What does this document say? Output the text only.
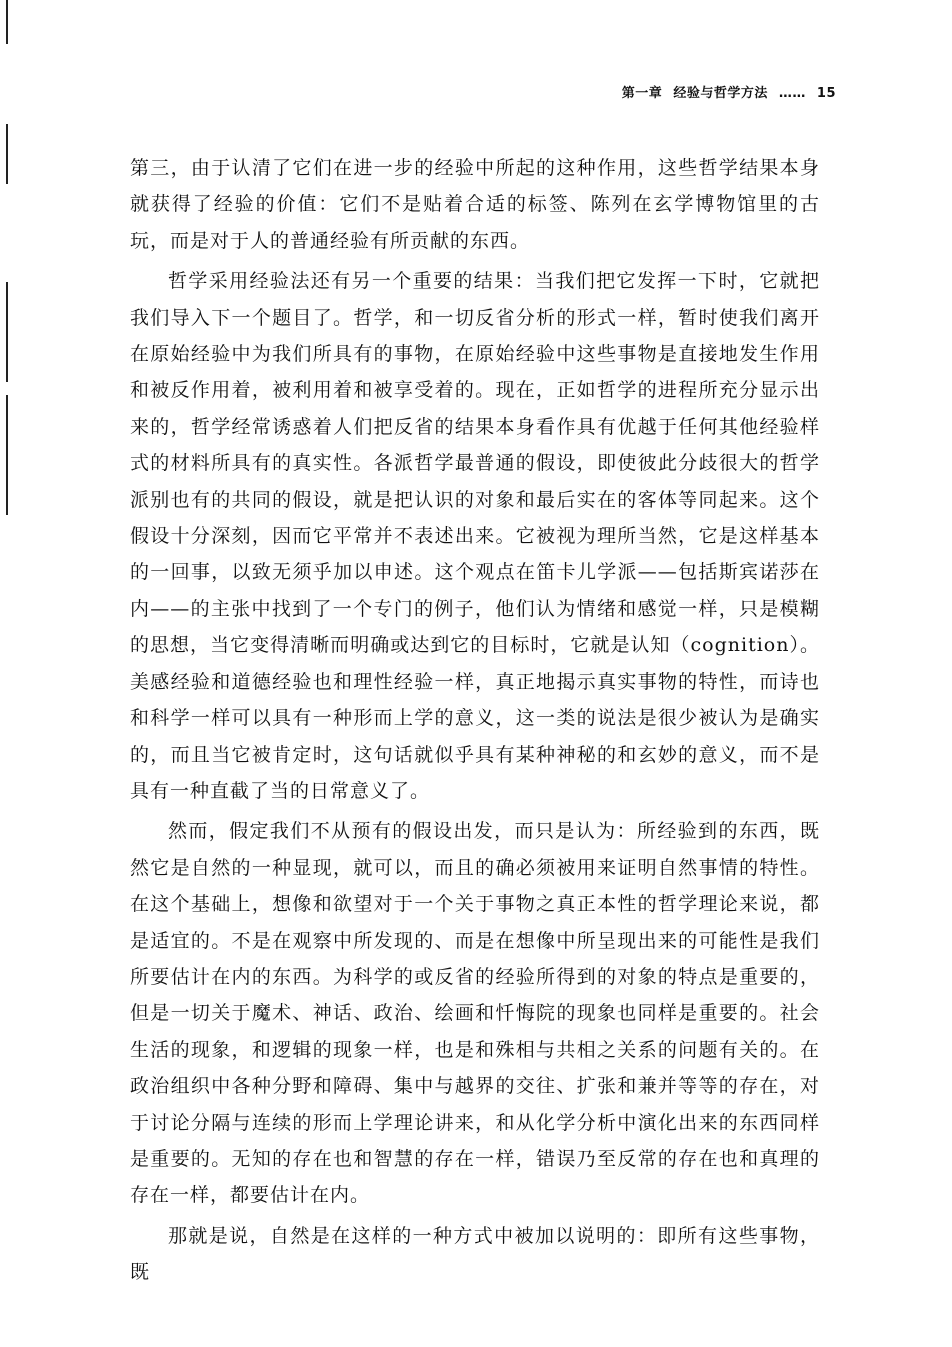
第一章 经验与哲学方法 …… 15

第三，由于认清了它们在进一步的经验中所起的这种作用，这些哲学结果本身就获得了经验的价值：它们不是贴着合适的标签、陈列在玄学博物馆里的古玩，而是对于人的普通经验有所贡献的东西。

哲学采用经验法还有另一个重要的结果：当我们把它发挥一下时，它就把我们导入下一个题目了。哲学，和一切反省分析的形式一样，暂时使我们离开在原始经验中为我们所具有的事物，在原始经验中这些事物是直接地发生作用和被反作用着，被利用着和被享受着的。现在，正如哲学的进程所充分显示出来的，哲学经常诱惑着人们把反省的结果本身看作具有优越于任何其他经验样式的材料所具有的真实性。各派哲学最普通的假设，即使彼此分歧很大的哲学派别也有的共同的假设，就是把认识的对象和最后实在的客体等同起来。这个假设十分深刻，因而它平常并不表述出来。它被视为理所当然，它是这样基本的一回事，以致无须乎加以申述。这个观点在笛卡儿学派——包括斯宾诺莎在内——的主张中找到了一个专门的例子，他们认为情绪和感觉一样，只是模糊的思想，当它变得清晰而明确或达到它的目标时，它就是认知（cognition）。美感经验和道德经验也和理性经验一样，真正地揭示真实事物的特性，而诗也和科学一样可以具有一种形而上学的意义，这一类的说法是很少被认为是确实的，而且当它被肯定时，这句话就似乎具有某种神秘的和玄妙的意义，而不是具有一种直截了当的日常意义了。

然而，假定我们不从预有的假设出发，而只是认为：所经验到的东西，既然它是自然的一种显现，就可以，而且的确必须被用来证明自然事情的特性。在这个基础上，想像和欲望对于一个关于事物之真正本性的哲学理论来说，都是适宜的。不是在观察中所发现的、而是在想像中所呈现出来的可能性是我们所要估计在内的东西。为科学的或反省的经验所得到的对象的特点是重要的，但是一切关于魔术、神话、政治、绘画和忏悔院的现象也同样是重要的。社会生活的现象，和逻辑的现象一样，也是和殊相与共相之关系的问题有关的。在政治组织中各种分野和障碍、集中与越界的交往、扩张和兼并等等的存在，对于讨论分隔与连续的形而上学理论讲来，和从化学分析中演化出来的东西同样是重要的。无知的存在也和智慧的存在一样，错误乃至反常的存在也和真理的存在一样，都要估计在内。

那就是说，自然是在这样的一种方式中被加以说明的：即所有这些事物，既
